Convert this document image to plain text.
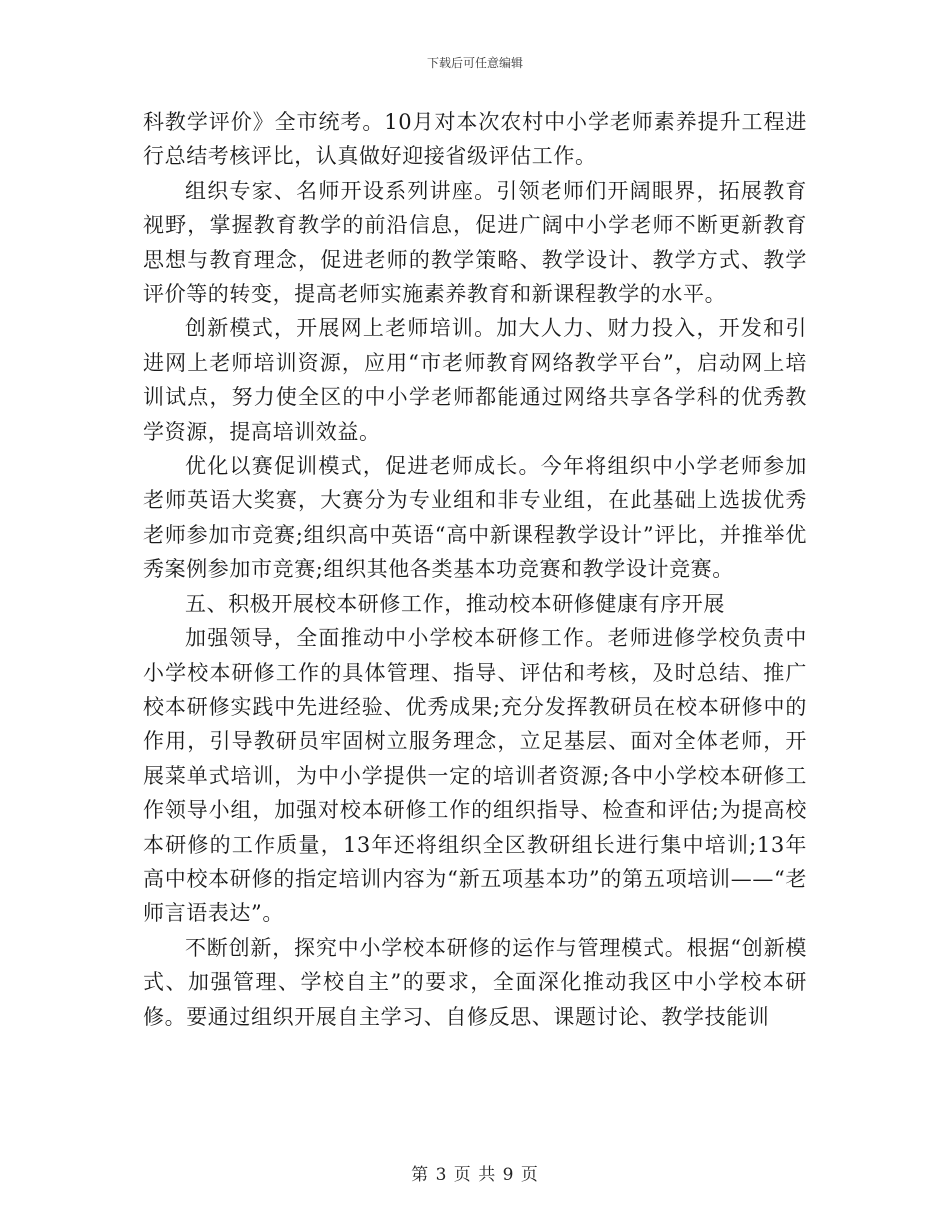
下载后可任意编辑

科教学评价》全市统考。10月对本次农村中小学老师素养提升工程进行总结考核评比，认真做好迎接省级评估工作。

组织专家、名师开设系列讲座。引领老师们开阔眼界，拓展教育视野，掌握教育教学的前沿信息，促进广阔中小学老师不断更新教育思想与教育理念，促进老师的教学策略、教学设计、教学方式、教学评价等的转变，提高老师实施素养教育和新课程教学的水平。

创新模式，开展网上老师培训。加大人力、财力投入，开发和引进网上老师培训资源，应用“市老师教育网络教学平台”，启动网上培训试点，努力使全区的中小学老师都能通过网络共享各学科的优秀教学资源，提高培训效益。

优化以赛促训模式，促进老师成长。今年将组织中小学老师参加老师英语大奖赛，大赛分为专业组和非专业组，在此基础上选拔优秀老师参加市竞赛;组织高中英语“高中新课程教学设计”评比，并推举优秀案例参加市竞赛;组织其他各类基本功竞赛和教学设计竞赛。

五、积极开展校本研修工作，推动校本研修健康有序开展

加强领导，全面推动中小学校本研修工作。老师进修学校负责中小学校本研修工作的具体管理、指导、评估和考核，及时总结、推广校本研修实践中先进经验、优秀成果;充分发挥教研员在校本研修中的作用，引导教研员牢固树立服务理念，立足基层、面对全体老师，开展菜单式培训，为中小学提供一定的培训者资源;各中小学校本研修工作领导小组，加强对校本研修工作的组织指导、检查和评估;为提高校本研修的工作质量，13年还将组织全区教研组长进行集中培训;13年高中校本研修的指定培训内容为“新五项基本功”的第五项培训——“老师言语表达”。

不断创新，探究中小学校本研修的运作与管理模式。根据“创新模式、加强管理、学校自主”的要求，全面深化推动我区中小学校本研修。要通过组织开展自主学习、自修反思、课题讨论、教学技能训

第 3 页 共 9 页
